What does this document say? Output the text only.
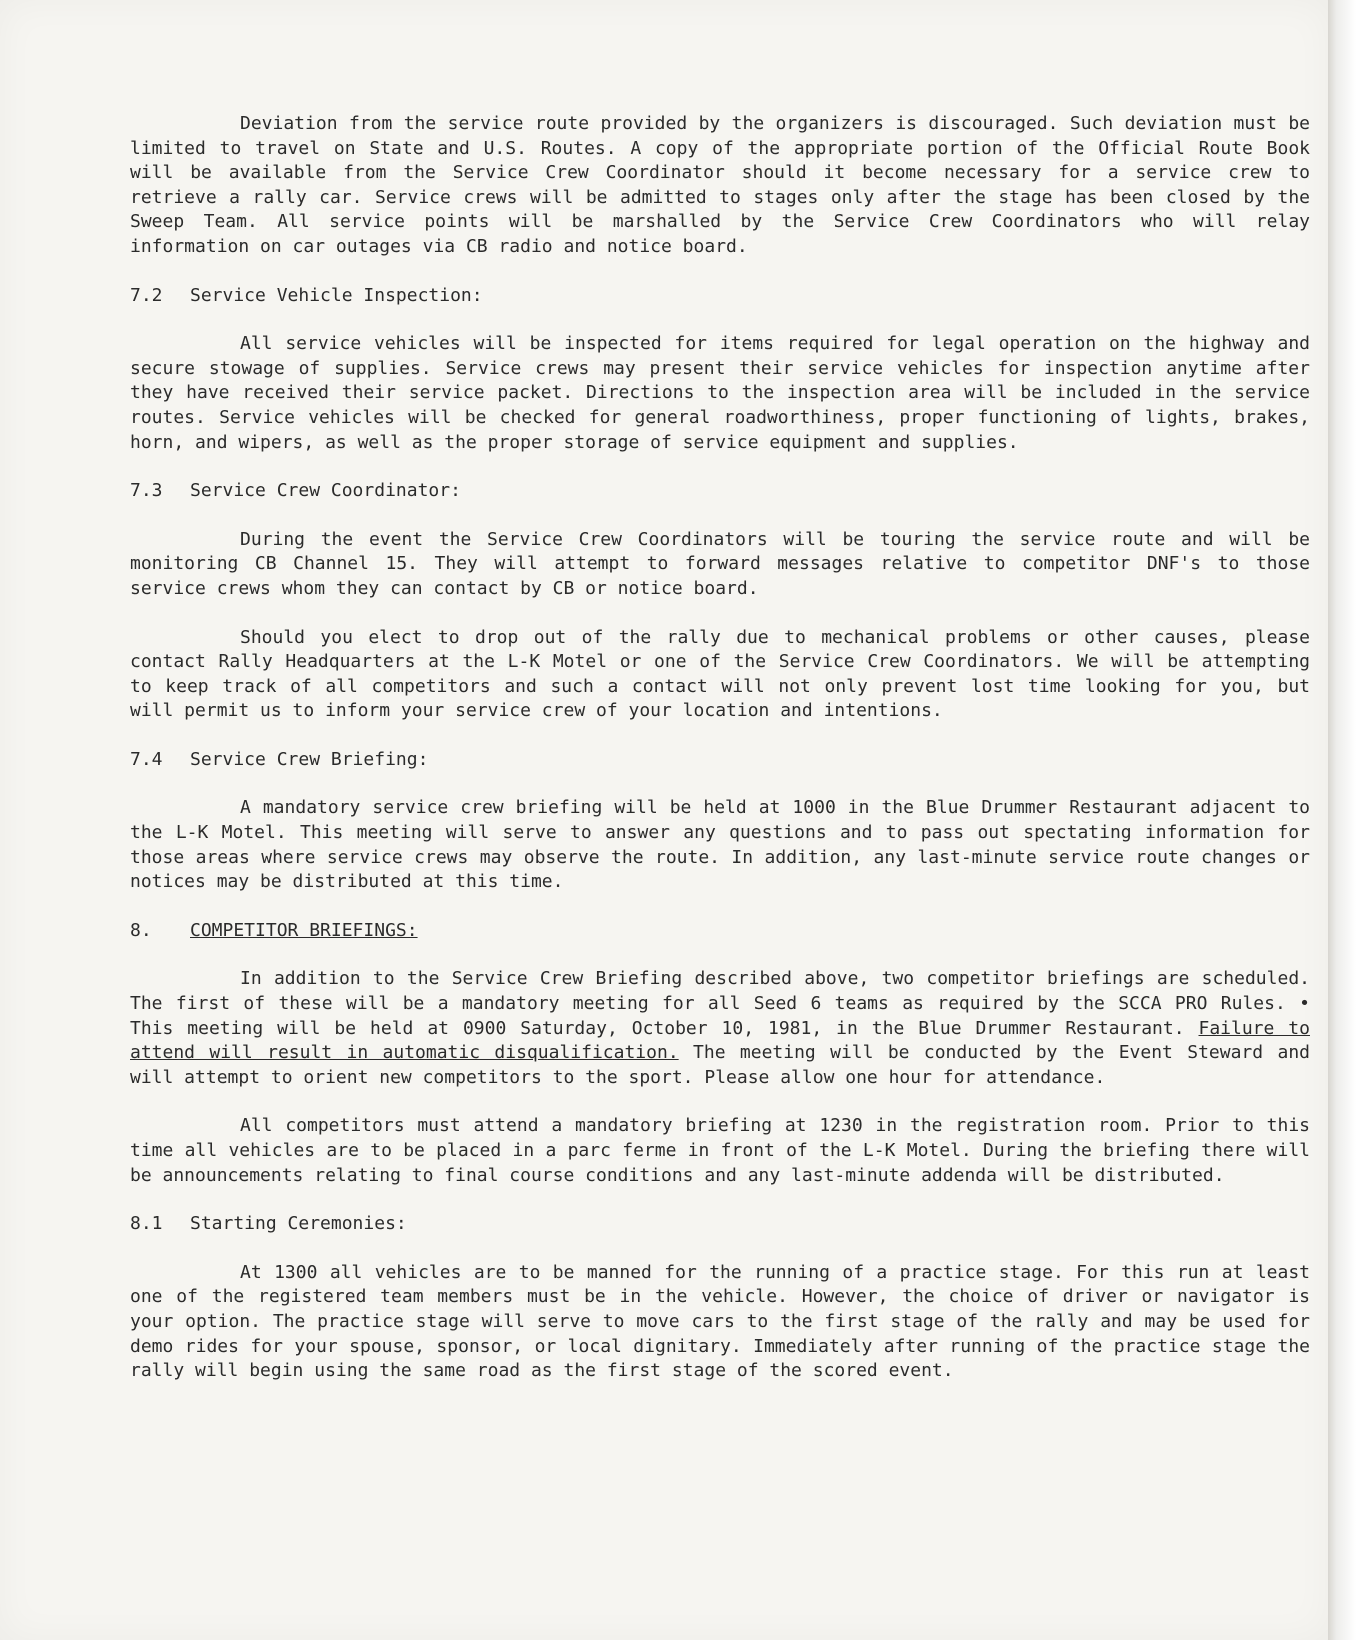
Deviation from the service route provided by the organizers is discouraged. Such deviation must be limited to travel on State and U.S. Routes. A copy of the appropriate portion of the Official Route Book will be available from the Service Crew Coordinator should it become necessary for a service crew to retrieve a rally car. Service crews will be admitted to stages only after the stage has been closed by the Sweep Team. All service points will be marshalled by the Service Crew Coordinators who will relay information on car outages via CB radio and notice board.

7.2 Service Vehicle Inspection:

All service vehicles will be inspected for items required for legal operation on the highway and secure stowage of supplies. Service crews may present their service vehicles for inspection anytime after they have received their service packet. Directions to the inspection area will be included in the service routes. Service vehicles will be checked for general roadworthiness, proper functioning of lights, brakes, horn, and wipers, as well as the proper storage of service equipment and supplies.

7.3 Service Crew Coordinator:

During the event the Service Crew Coordinators will be touring the service route and will be monitoring CB Channel 15. They will attempt to forward messages relative to competitor DNF's to those service crews whom they can contact by CB or notice board.

Should you elect to drop out of the rally due to mechanical problems or other causes, please contact Rally Headquarters at the L-K Motel or one of the Service Crew Coordinators. We will be attempting to keep track of all competitors and such a contact will not only prevent lost time looking for you, but will permit us to inform your service crew of your location and intentions.

7.4 Service Crew Briefing:

A mandatory service crew briefing will be held at 1000 in the Blue Drummer Restaurant adjacent to the L-K Motel. This meeting will serve to answer any questions and to pass out spectating information for those areas where service crews may observe the route. In addition, any last-minute service route changes or notices may be distributed at this time.

8. COMPETITOR BRIEFINGS:

In addition to the Service Crew Briefing described above, two competitor briefings are scheduled. The first of these will be a mandatory meeting for all Seed 6 teams as required by the SCCA PRO Rules. • This meeting will be held at 0900 Saturday, October 10, 1981, in the Blue Drummer Restaurant. Failure to attend will result in automatic disqualification. The meeting will be conducted by the Event Steward and will attempt to orient new competitors to the sport. Please allow one hour for attendance.

All competitors must attend a mandatory briefing at 1230 in the registration room. Prior to this time all vehicles are to be placed in a parc ferme in front of the L-K Motel. During the briefing there will be announcements relating to final course conditions and any last-minute addenda will be distributed.

8.1 Starting Ceremonies:

At 1300 all vehicles are to be manned for the running of a practice stage. For this run at least one of the registered team members must be in the vehicle. However, the choice of driver or navigator is your option. The practice stage will serve to move cars to the first stage of the rally and may be used for demo rides for your spouse, sponsor, or local dignitary. Immediately after running of the practice stage the rally will begin using the same road as the first stage of the scored event.
